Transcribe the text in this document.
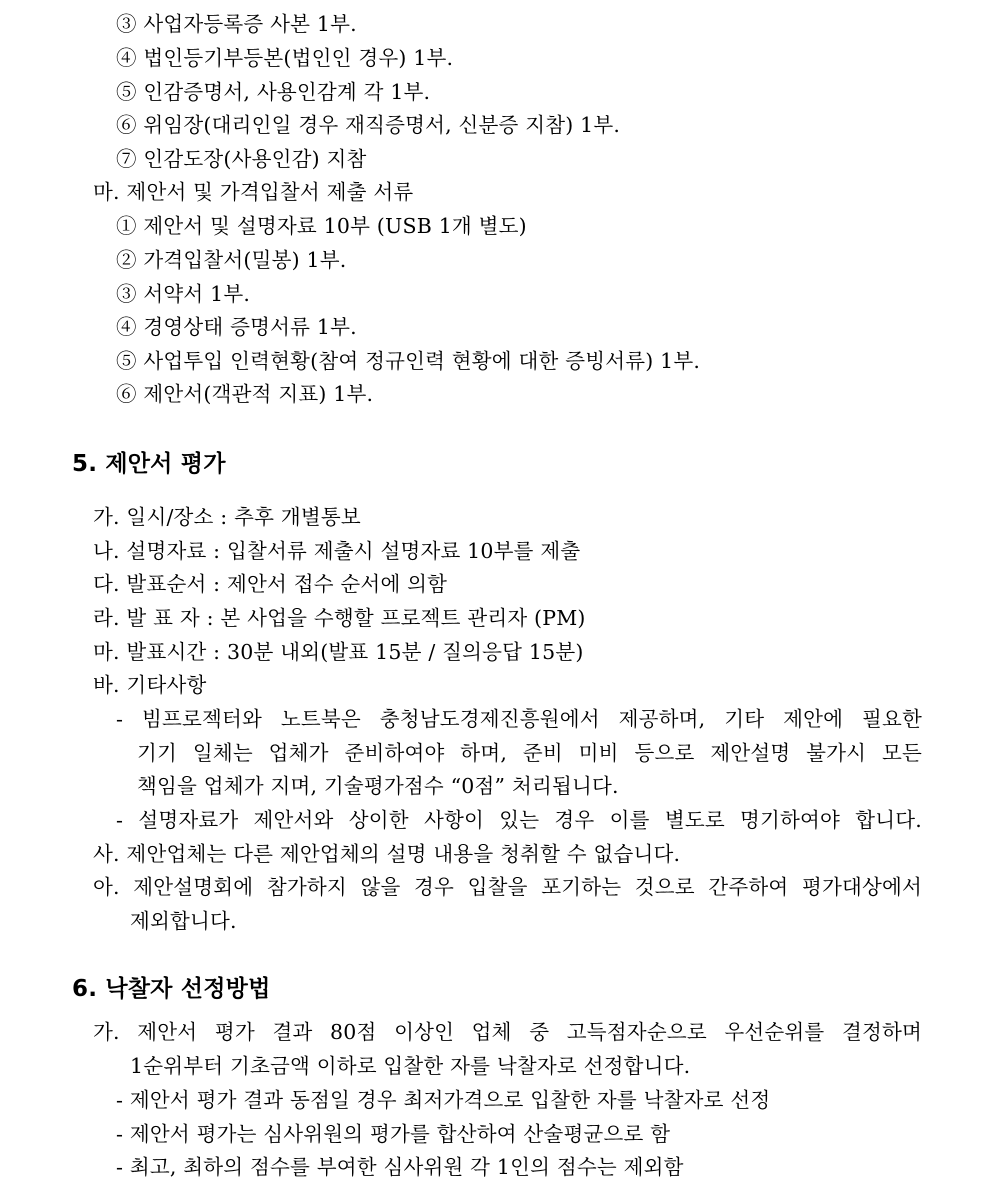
③ 사업자등록증 사본 1부.
④ 법인등기부등본(법인인 경우) 1부.
⑤ 인감증명서, 사용인감계 각 1부.
⑥ 위임장(대리인일 경우 재직증명서, 신분증 지참) 1부.
⑦ 인감도장(사용인감) 지참
마. 제안서 및 가격입찰서 제출 서류
① 제안서 및 설명자료 10부 (USB 1개 별도)
② 가격입찰서(밀봉) 1부.
③ 서약서 1부.
④ 경영상태 증명서류 1부.
⑤ 사업투입 인력현황(참여 정규인력 현황에 대한 증빙서류) 1부.
⑥ 제안서(객관적 지표) 1부.
5. 제안서 평가
가. 일시/장소 : 추후 개별통보
나. 설명자료 : 입찰서류 제출시 설명자료 10부를 제출
다. 발표순서 : 제안서 접수 순서에 의함
라. 발 표 자 : 본 사업을 수행할 프로젝트 관리자 (PM)
마. 발표시간 : 30분 내외(발표 15분 / 질의응답 15분)
바. 기타사항
- 빔프로젝터와 노트북은 충청남도경제진흥원에서 제공하며, 기타 제안에 필요한
기기 일체는 업체가 준비하여야 하며, 준비 미비 등으로 제안설명 불가시 모든
책임을 업체가 지며, 기술평가점수 “0점” 처리됩니다.
- 설명자료가 제안서와 상이한 사항이 있는 경우 이를 별도로 명기하여야 합니다.
사. 제안업체는 다른 제안업체의 설명 내용을 청취할 수 없습니다.
아. 제안설명회에 참가하지 않을 경우 입찰을 포기하는 것으로 간주하여 평가대상에서
제외합니다.
6. 낙찰자 선정방법
가. 제안서 평가 결과 80점 이상인 업체 중 고득점자순으로 우선순위를 결정하며
1순위부터 기초금액 이하로 입찰한 자를 낙찰자로 선정합니다.
- 제안서 평가 결과 동점일 경우 최저가격으로 입찰한 자를 낙찰자로 선정
- 제안서 평가는 심사위원의 평가를 합산하여 산술평균으로 함
- 최고, 최하의 점수를 부여한 심사위원 각 1인의 점수는 제외함
